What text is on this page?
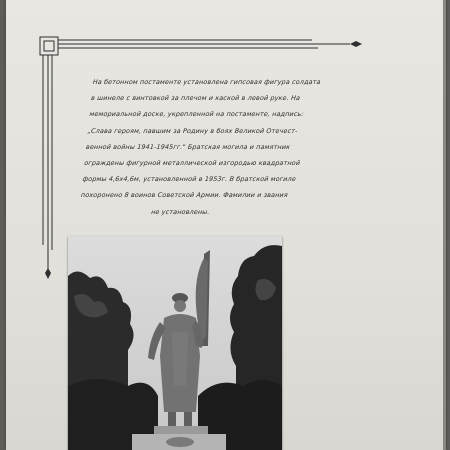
На бетонном постаменте установлена гипсовая фигура солдата
в шинеле с винтовкой за плечом и каской в левой руке. На
мемориальной доске, укрепленной на постаменте, надпись:
„Слава героям, павшим за Родину в боях Великой Отечест-
венной войны 1941-1945гг." Братская могила и памятник
ограждены фигурной металлической изгородью квадратной
формы 4,6х4,6м, установленной в 1953г. В братской могиле
похоронено 8 воинов Советской Армии. Фамилии и звания
не установлены.
